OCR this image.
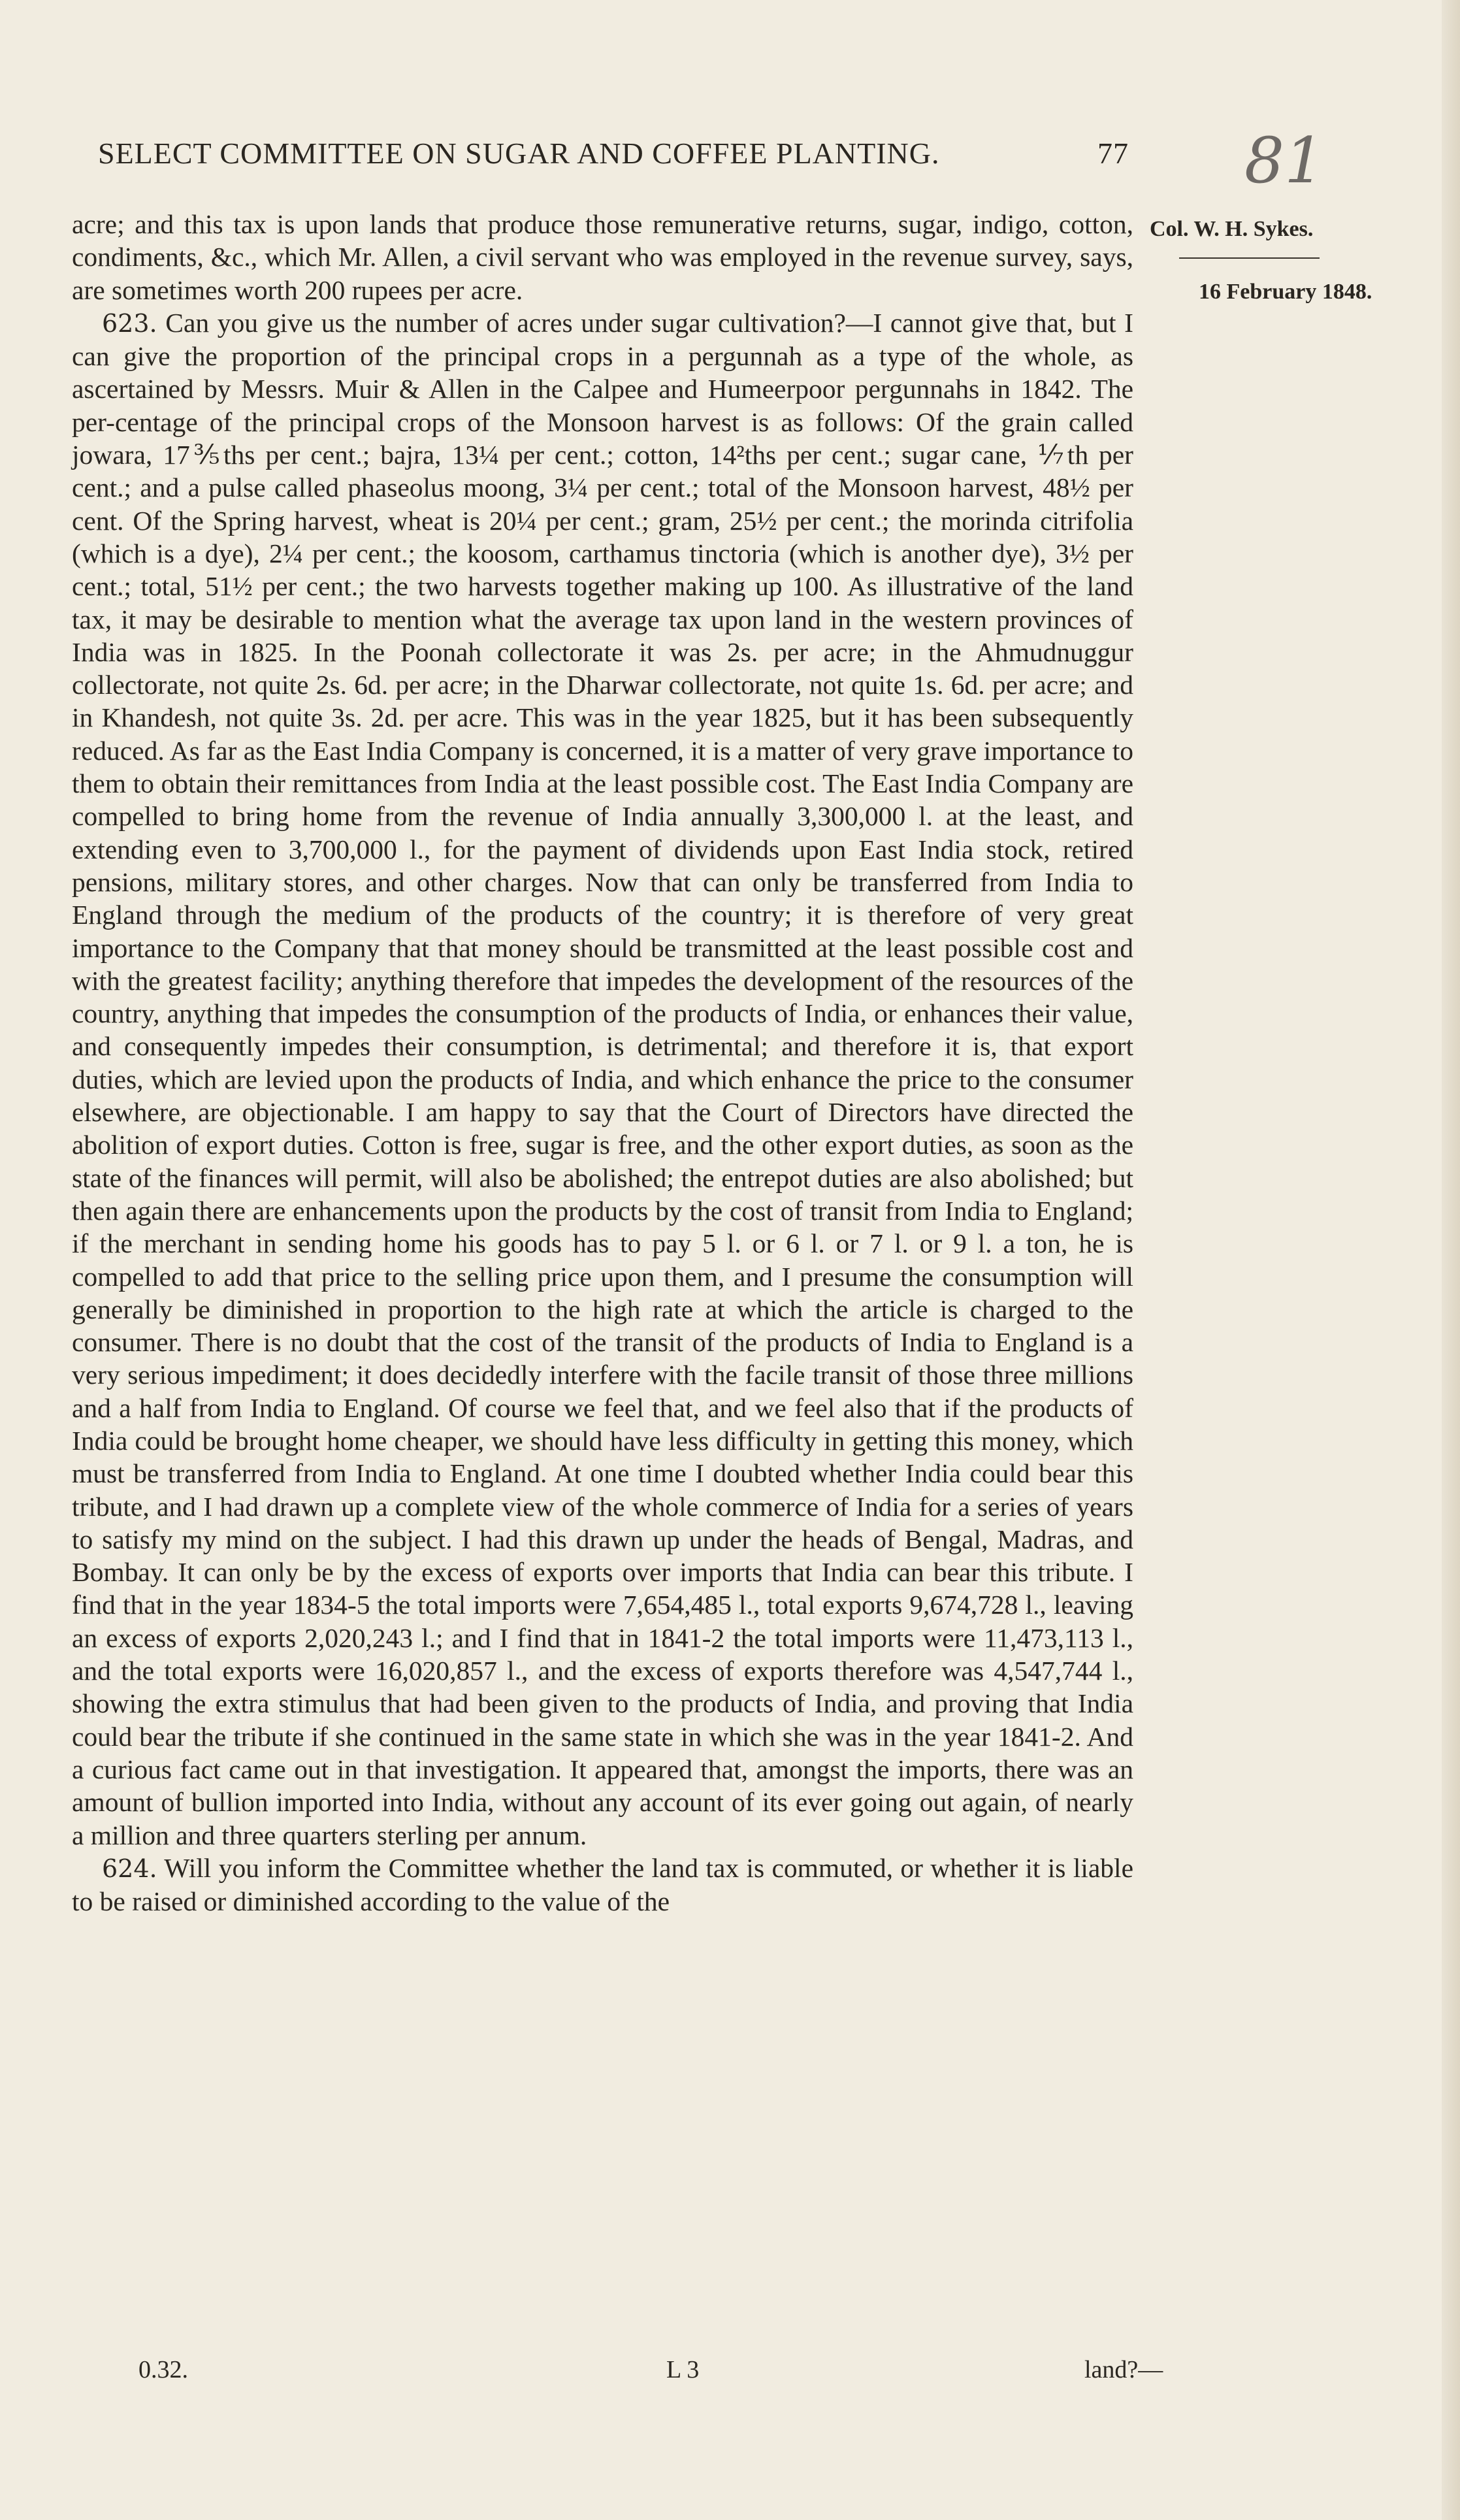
SELECT COMMITTEE ON SUGAR AND COFFEE PLANTING.	77 81
Col. W. H. Sykes.
16 February 1848.

acre; and this tax is upon lands that produce those remunerative returns, sugar, indigo, cotton, condiments, &c., which Mr. Allen, a civil servant who was employed in the revenue survey, says, are sometimes worth 200 rupees per acre.

623. Can you give us the number of acres under sugar cultivation?—I cannot give that, but I can give the proportion of the principal crops in a pergunnah as a type of the whole, as ascertained by Messrs. Muir & Allen in the Calpee and Humeerpoor pergunnahs in 1842. The per-centage of the principal crops of the Monsoon harvest is as follows: Of the grain called jowara, 17⅗ths per cent.; bajra, 13¼ per cent.; cotton, 14²ths per cent.; sugar cane, ⅐th per cent.; and a pulse called phaseolus moong, 3¼ per cent.; total of the Monsoon harvest, 48½ per cent. Of the Spring harvest, wheat is 20¼ per cent.; gram, 25½ per cent.; the morinda citrifolia (which is a dye), 2¼ per cent.; the koosom, carthamus tinctoria (which is another dye), 3½ per cent.; total, 51½ per cent.; the two harvests together making up 100. As illustrative of the land tax, it may be desirable to mention what the average tax upon land in the western provinces of India was in 1825. In the Poonah collectorate it was 2s. per acre; in the Ahmudnuggur collectorate, not quite 2s. 6d. per acre; in the Dharwar collectorate, not quite 1s. 6d. per acre; and in Khandesh, not quite 3s. 2d. per acre. This was in the year 1825, but it has been subsequently reduced. As far as the East India Company is concerned, it is a matter of very grave importance to them to obtain their remittances from India at the least possible cost. The East India Company are compelled to bring home from the revenue of India annually 3,300,000 l. at the least, and extending even to 3,700,000 l., for the payment of dividends upon East India stock, retired pensions, military stores, and other charges. Now that can only be transferred from India to England through the medium of the products of the country; it is therefore of very great importance to the Company that that money should be transmitted at the least possible cost and with the greatest facility; anything therefore that impedes the development of the resources of the country, anything that impedes the consumption of the products of India, or enhances their value, and consequently impedes their consumption, is detrimental; and therefore it is, that export duties, which are levied upon the products of India, and which enhance the price to the consumer elsewhere, are objectionable. I am happy to say that the Court of Directors have directed the abolition of export duties. Cotton is free, sugar is free, and the other export duties, as soon as the state of the finances will permit, will also be abolished; the entrepot duties are also abolished; but then again there are enhancements upon the products by the cost of transit from India to England; if the merchant in sending home his goods has to pay 5 l. or 6 l. or 7 l. or 9 l. a ton, he is compelled to add that price to the selling price upon them, and I presume the consumption will generally be diminished in proportion to the high rate at which the article is charged to the consumer. There is no doubt that the cost of the transit of the products of India to England is a very serious impediment; it does decidedly interfere with the facile transit of those three millions and a half from India to England. Of course we feel that, and we feel also that if the products of India could be brought home cheaper, we should have less difficulty in getting this money, which must be transferred from India to England. At one time I doubted whether India could bear this tribute, and I had drawn up a complete view of the whole commerce of India for a series of years to satisfy my mind on the subject. I had this drawn up under the heads of Bengal, Madras, and Bombay. It can only be by the excess of exports over imports that India can bear this tribute. I find that in the year 1834-5 the total imports were 7,654,485 l., total exports 9,674,728 l., leaving an excess of exports 2,020,243 l.; and I find that in 1841-2 the total imports were 11,473,113 l., and the total exports were 16,020,857 l., and the excess of exports therefore was 4,547,744 l., showing the extra stimulus that had been given to the products of India, and proving that India could bear the tribute if she continued in the same state in which she was in the year 1841-2. And a curious fact came out in that investigation. It appeared that, amongst the imports, there was an amount of bullion imported into India, without any account of its ever going out again, of nearly a million and three quarters sterling per annum.

624. Will you inform the Committee whether the land tax is commuted, or whether it is liable to be raised or diminished according to the value of the

0.32.	L 3	land?—
